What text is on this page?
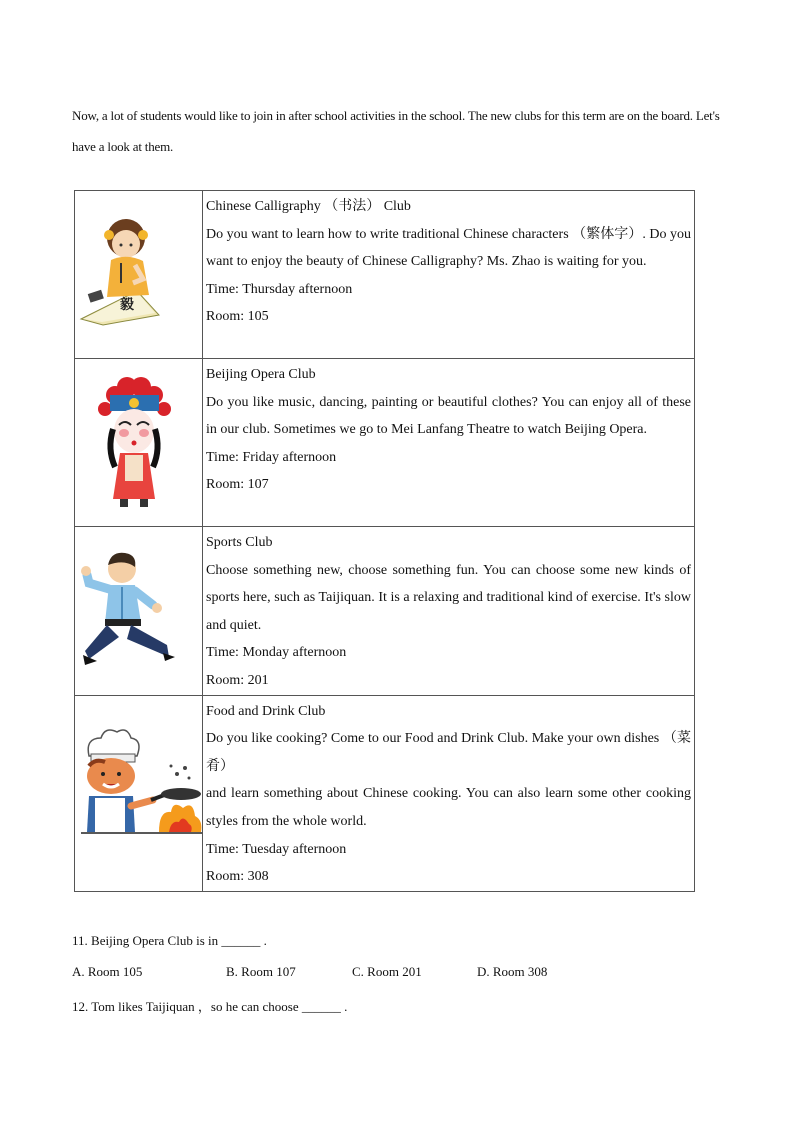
Now, a lot of students would like to join in after school activities in the school. The new clubs for this term are on the board. Let's have a look at them.
毅	Chinese Calligraphy （书法） Club
Do you want to learn how to write traditional Chinese characters （繁体字）. Do you want to enjoy the beauty of Chinese Calligraphy? Ms. Zhao is waiting for you.
Time: Thursday afternoon
Room: 105

Beijing Opera Club
Do you like music, dancing, painting or beautiful clothes? You can enjoy all of these in our club. Sometimes we go to Mei Lanfang Theatre to watch Beijing Opera.
Time: Friday afternoon
Room: 107

Sports Club
Choose something new, choose something fun. You can choose some new kinds of sports here, such as Taijiquan. It is a relaxing and traditional kind of exercise. It's slow and quiet.
Time: Monday afternoon
Room: 201

Food and Drink Club
Do you like cooking? Come to our Food and Drink Club. Make your own dishes （菜肴）
and learn something about Chinese cooking. You can also learn some other cooking styles from the whole world.
Time: Tuesday afternoon
Room: 308
11. Beijing Opera Club is in ______ .
A. Room 105	B. Room 107	C. Room 201	D. Room 308
12. Tom likes Taijiquan ，so he can choose ______ .
